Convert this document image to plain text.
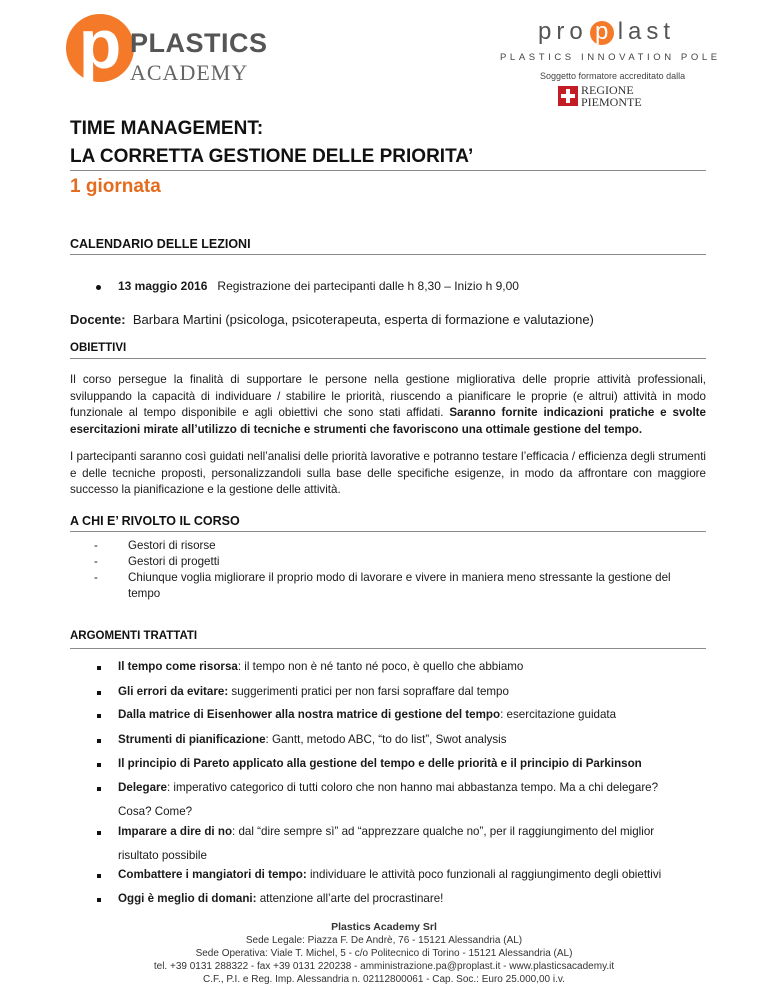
p PLASTICS
ACADEMY
pro p last
PLASTICS INNOVATION POLE
Soggetto formatore accreditato dalla
REGIONE
PIEMONTE
TIME MANAGEMENT:
LA CORRETTA GESTIONE DELLE PRIORITA’
1 giornata
CALENDARIO DELLE LEZIONI
13 maggio 2016 Registrazione dei partecipanti dalle h 8,30 – Inizio h 9,00
Docente: Barbara Martini (psicologa, psicoterapeuta, esperta di formazione e valutazione)
OBIETTIVI
Il corso persegue la finalità di supportare le persone nella gestione migliorativa delle proprie attività professionali, sviluppando la capacità di individuare / stabilire le priorità, riuscendo a pianificare le proprie (e altrui) attività in modo funzionale al tempo disponibile e agli obiettivi che sono stati affidati. Saranno fornite indicazioni pratiche e svolte esercitazioni mirate all’utilizzo di tecniche e strumenti che favoriscono una ottimale gestione del tempo.
I partecipanti saranno così guidati nell’analisi delle priorità lavorative e potranno testare l’efficacia / efficienza degli strumenti e delle tecniche proposti, personalizzandoli sulla base delle specifiche esigenze, in modo da affrontare con maggiore successo la pianificazione e la gestione delle attività.
A CHI E’ RIVOLTO IL CORSO
-	Gestori di risorse
-	Gestori di progetti
-	Chiunque voglia migliorare il proprio modo di lavorare e vivere in maniera meno stressante la gestione del
tempo
ARGOMENTI TRATTATI
Il tempo come risorsa: il tempo non è né tanto né poco, è quello che abbiamo
Gli errori da evitare: suggerimenti pratici per non farsi sopraffare dal tempo
Dalla matrice di Eisenhower alla nostra matrice di gestione del tempo: esercitazione guidata
Strumenti di pianificazione: Gantt, metodo ABC, “to do list”, Swot analysis
Il principio di Pareto applicato alla gestione del tempo e delle priorità e il principio di Parkinson
Delegare: imperativo categorico di tutti coloro che non hanno mai abbastanza tempo. Ma a chi delegare?
Cosa? Come?
Imparare a dire di no: dal “dire sempre sì” ad “apprezzare qualche no”, per il raggiungimento del miglior
risultato possibile
Combattere i mangiatori di tempo: individuare le attività poco funzionali al raggiungimento degli obiettivi
Oggi è meglio di domani: attenzione all’arte del procrastinare!
Plastics Academy Srl
Sede Legale: Piazza F. De Andrè, 76 - 15121 Alessandria (AL)
Sede Operativa: Viale T. Michel, 5 - c/o Politecnico di Torino - 15121 Alessandria (AL)
tel. +39 0131 288322 - fax +39 0131 220238 - amministrazione.pa@proplast.it - www.plasticsacademy.it
C.F., P.I. e Reg. Imp. Alessandria n. 02112800061 - Cap. Soc.: Euro 25.000,00 i.v.
